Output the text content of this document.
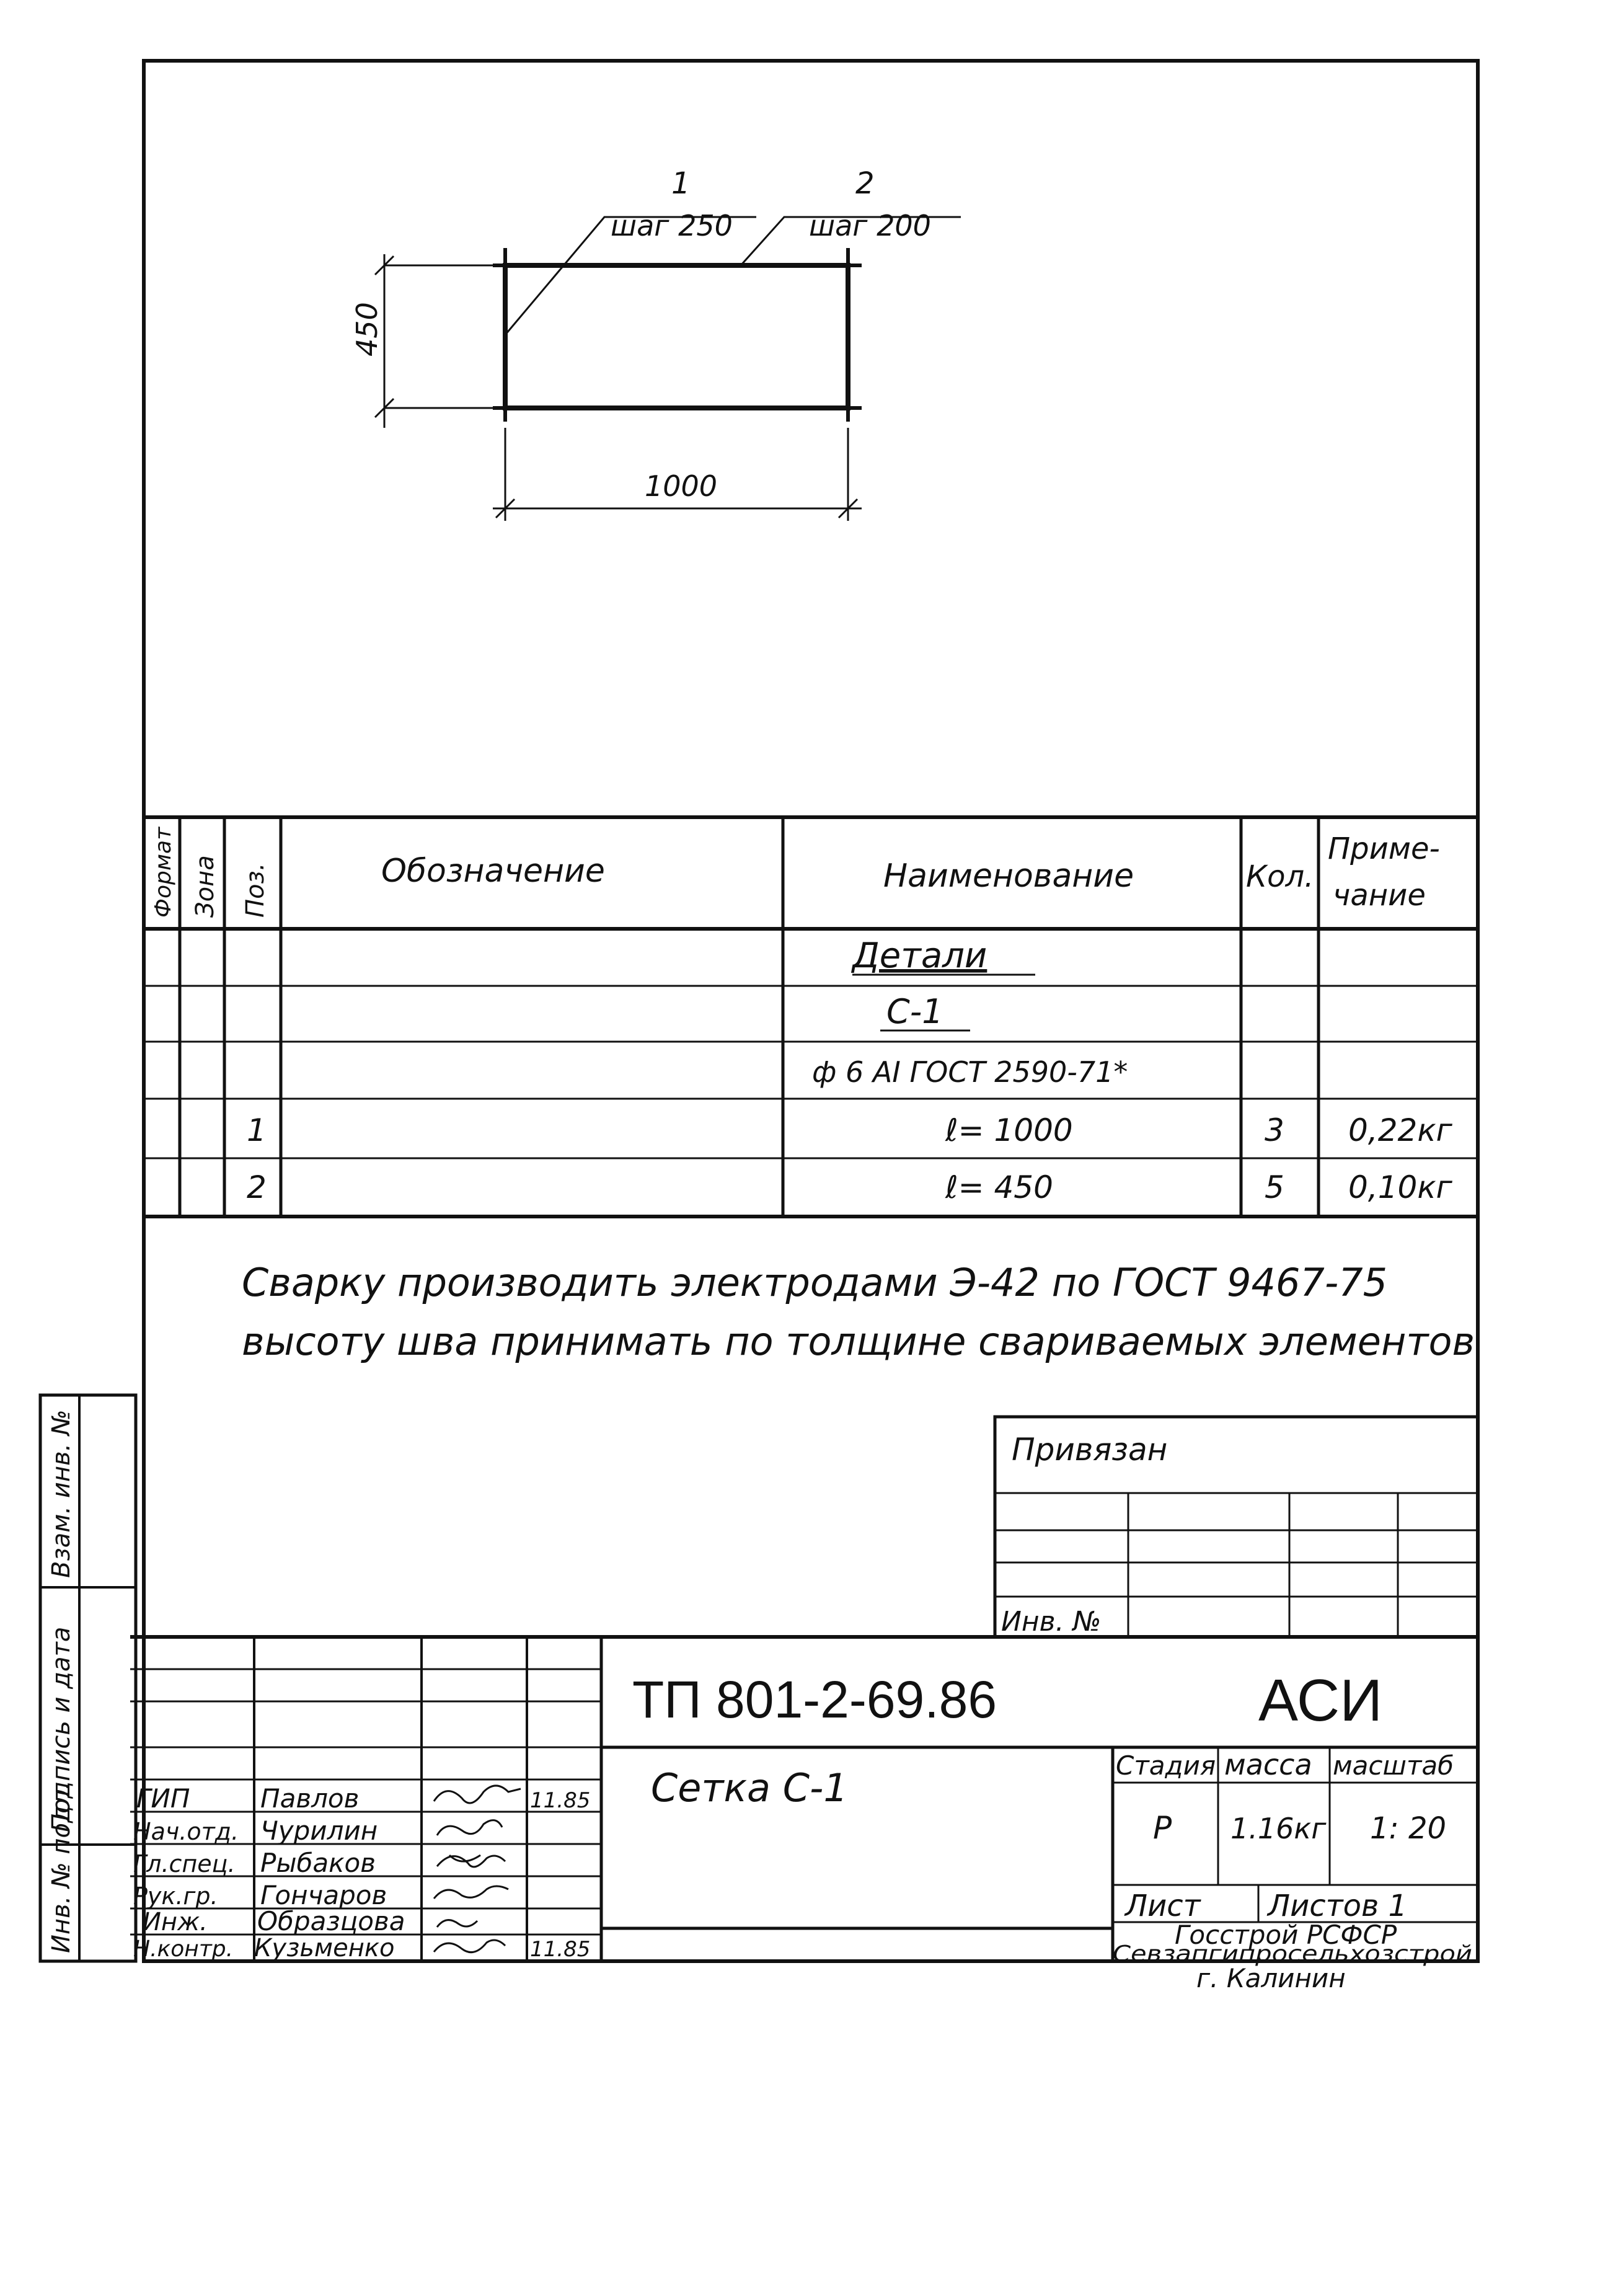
Взам. инв. №
Подпись и дата
Инв. № подл.
1
шаг 250
2
шаг 200
450
1000
Формат Зона Поз.	Обозначение	Наименование	Кол.
Приме-
чание
Детали
С-1
ф 6 АI ГОСТ 2590-71*
1	ℓ= 1000	3 0,22кг
2	ℓ= 450	5 0,10кг
Сварку производить электродами Э-42 по ГОСТ 9467-75
высоту шва принимать по толщине свариваемых элементов
Привязан
Инв. №
ГИП	Павлов	11.85
Нач.отд. Чурилин
Гл.спец. Рыбаков
Рук.гр. Гончаров
Инж. Образцова
Н.контр. Кузьменко	11.85
ТП 801-2-69.86	АСИ
Сетка С-1	Стадия масса масштаб
Р 1.16кг 1: 20
Лист Листов 1
Госстрой РСФСР
Севзапгипросельхозстрой
г. Калинин
